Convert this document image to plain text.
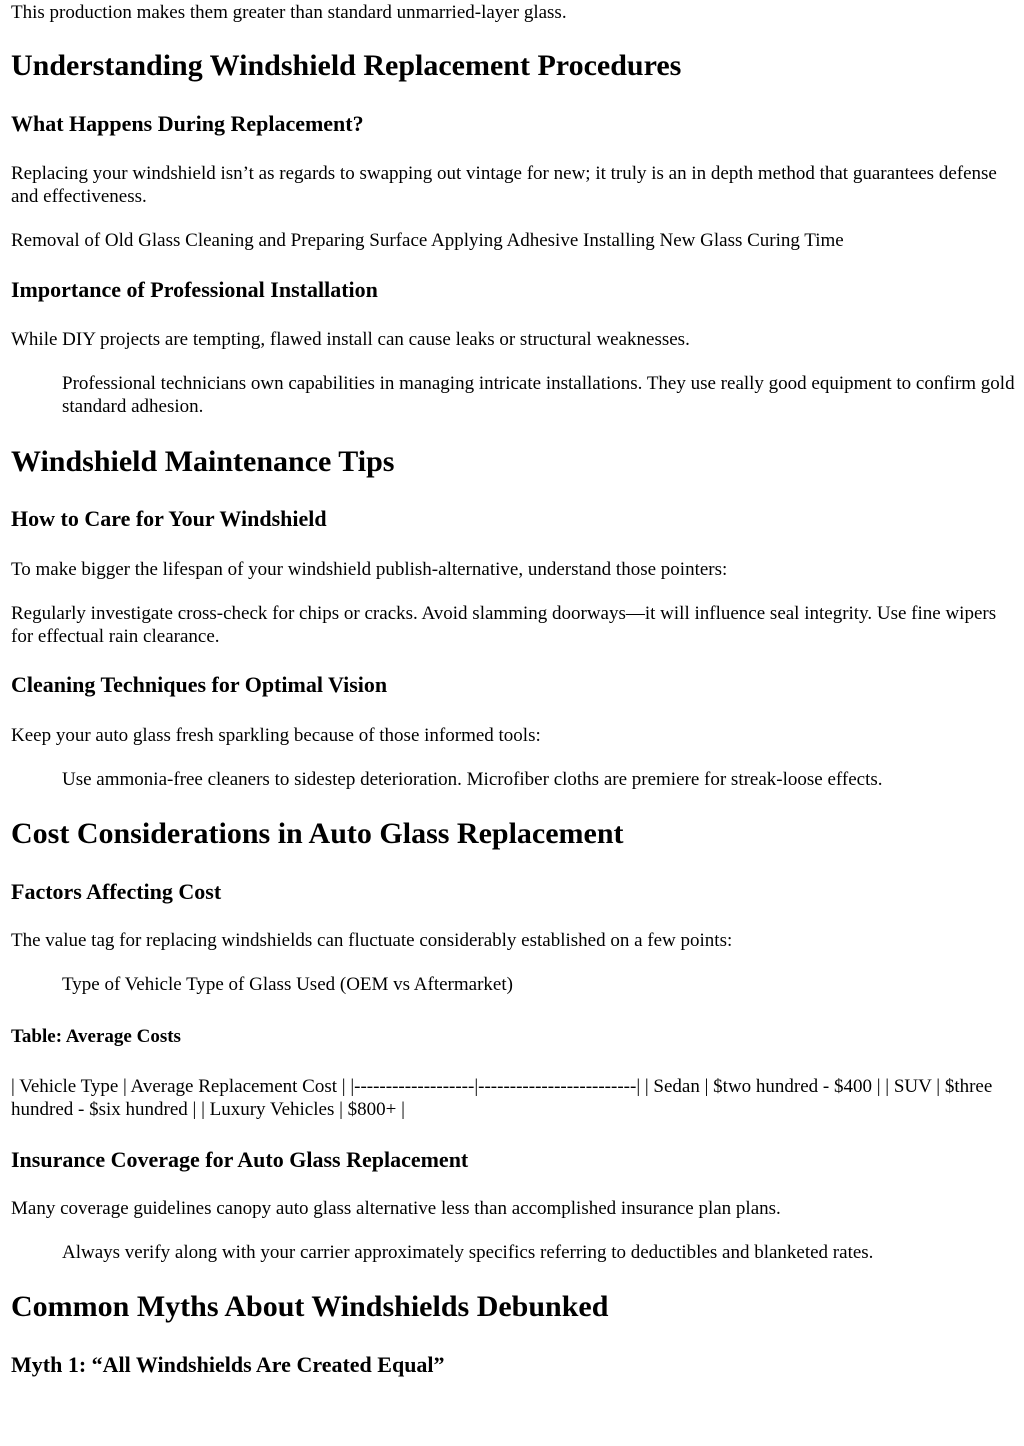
This production makes them greater than standard unmarried-layer glass.

Understanding Windshield Replacement Procedures
What Happens During Replacement?

Replacing your windshield isn’t as regards to swapping out vintage for new; it truly is an in depth method that guarantees defense and effectiveness.

Removal of Old Glass Cleaning and Preparing Surface Applying Adhesive Installing New Glass Curing Time

Importance of Professional Installation

While DIY projects are tempting, flawed install can cause leaks or structural weaknesses.

Professional technicians own capabilities in managing intricate installations. They use really good equipment to confirm gold standard adhesion.

Windshield Maintenance Tips
How to Care for Your Windshield

To make bigger the lifespan of your windshield publish-alternative, understand those pointers:

Regularly investigate cross-check for chips or cracks. Avoid slamming doorways—it will influence seal integrity. Use fine wipers for effectual rain clearance.

Cleaning Techniques for Optimal Vision

Keep your auto glass fresh sparkling because of those informed tools:

Use ammonia-free cleaners to sidestep deterioration. Microfiber cloths are premiere for streak-loose effects.

Cost Considerations in Auto Glass Replacement
Factors Affecting Cost

The value tag for replacing windshields can fluctuate considerably established on a few points:

Type of Vehicle Type of Glass Used (OEM vs Aftermarket)

Table: Average Costs

| Vehicle Type | Average Replacement Cost | |-------------------|-------------------------| | Sedan | $two hundred - $400 | | SUV | $three hundred - $six hundred | | Luxury Vehicles | $800+ |

Insurance Coverage for Auto Glass Replacement

Many coverage guidelines canopy auto glass alternative less than accomplished insurance plan plans.

Always verify along with your carrier approximately specifics referring to deductibles and blanketed rates.

Common Myths About Windshields Debunked
Myth 1: “All Windshields Are Created Equal”
